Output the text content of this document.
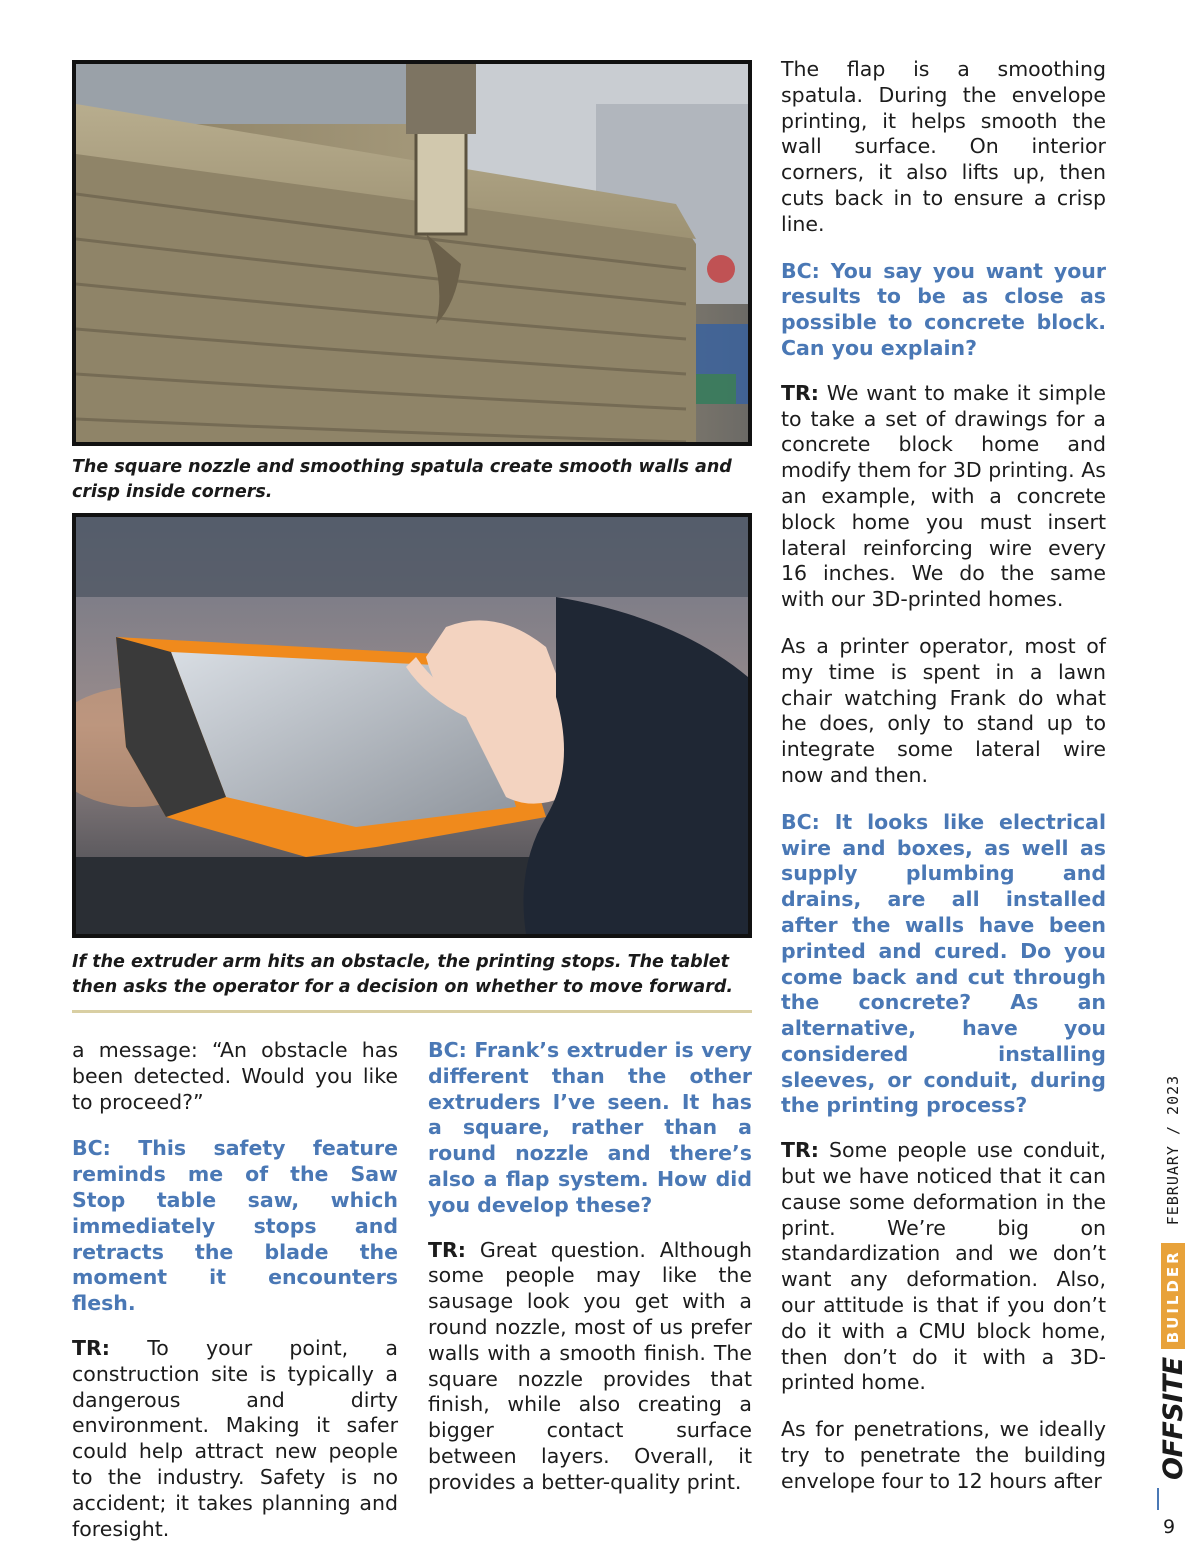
The square nozzle and smoothing spatula create smooth walls and crisp inside corners.
If the extruder arm hits an obstacle, the printing stops. The tablet then asks the operator for a decision on whether to move forward.

a message: “An obstacle has been detected. Would you like to proceed?”

BC: This safety feature reminds me of the Saw Stop table saw, which immediately stops and retracts the blade the moment it encounters flesh.

TR: To your point, a construction site is typically a dangerous and dirty environment. Making it safer could help attract new people to the industry. Safety is no accident; it takes planning and foresight.

BC: Frank’s extruder is very different than the other extruders I’ve seen. It has a square, rather than a round nozzle and there’s also a flap system. How did you develop these?

TR: Great question. Although some people may like the sausage look you get with a round nozzle, most of us prefer walls with a smooth finish. The square nozzle provides that finish, while also creating a bigger contact surface between layers. Overall, it provides a better-quality print.

The flap is a smoothing spatula. During the envelope printing, it helps smooth the wall surface. On interior corners, it also lifts up, then cuts back in to ensure a crisp line.

BC: You say you want your results to be as close as possible to concrete block. Can you explain?

TR: We want to make it simple to take a set of drawings for a concrete block home and modify them for 3D printing. As an example, with a concrete block home you must insert lateral reinforcing wire every 16 inches. We do the same with our 3D-printed homes.

As a printer operator, most of my time is spent in a lawn chair watching Frank do what he does, only to stand up to integrate some lateral wire now and then.

BC: It looks like electrical wire and boxes, as well as supply plumbing and drains, are all installed after the walls have been printed and cured. Do you come back and cut through the concrete? As an alternative, have you considered installing sleeves, or conduit, during the printing process?

TR: Some people use conduit, but we have noticed that it can cause some deformation in the print. We’re big on standardization and we don’t want any deformation. Also, our attitude is that if you don’t do it with a CMU block home, then don’t do it with a 3D-printed home.

As for penetrations, we ideally try to penetrate the building envelope four to 12 hours after

OFFSITE
BUILDER
FEBRUARY / 2023
9
